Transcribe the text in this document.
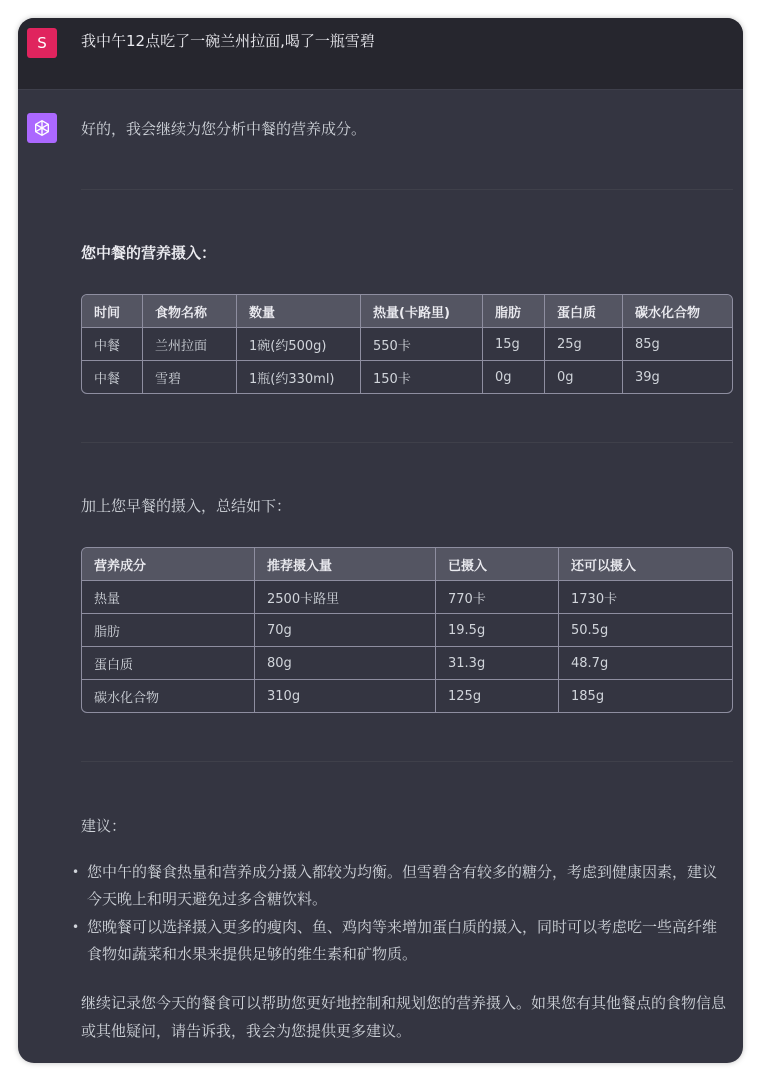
S	我中午12点吃了一碗兰州拉面,喝了一瓶雪碧
好的，我会继续为您分析中餐的营养成分。
您中餐的营养摄入：
时间	食物名称	数量	热量(卡路里)	脂肪	蛋白质	碳水化合物
中餐	兰州拉面	1碗(约500g)	550卡	15g	25g	85g
中餐	雪碧	1瓶(约330ml)	150卡	0g	0g	39g
加上您早餐的摄入，总结如下：
营养成分	推荐摄入量	已摄入	还可以摄入
热量	2500卡路里	770卡	1730卡
脂肪	70g	19.5g	50.5g
蛋白质	80g	31.3g	48.7g
碳水化合物	310g	125g	185g
建议：
• 您中午的餐食热量和营养成分摄入都较为均衡。但雪碧含有较多的糖分，考虑到健康因素，建议今天晚上和明天避免过多含糖饮料。
• 您晚餐可以选择摄入更多的瘦肉、鱼、鸡肉等来增加蛋白质的摄入，同时可以考虑吃一些高纤维食物如蔬菜和水果来提供足够的维生素和矿物质。
继续记录您今天的餐食可以帮助您更好地控制和规划您的营养摄入。如果您有其他餐点的食物信息或其他疑问，请告诉我，我会为您提供更多建议。
